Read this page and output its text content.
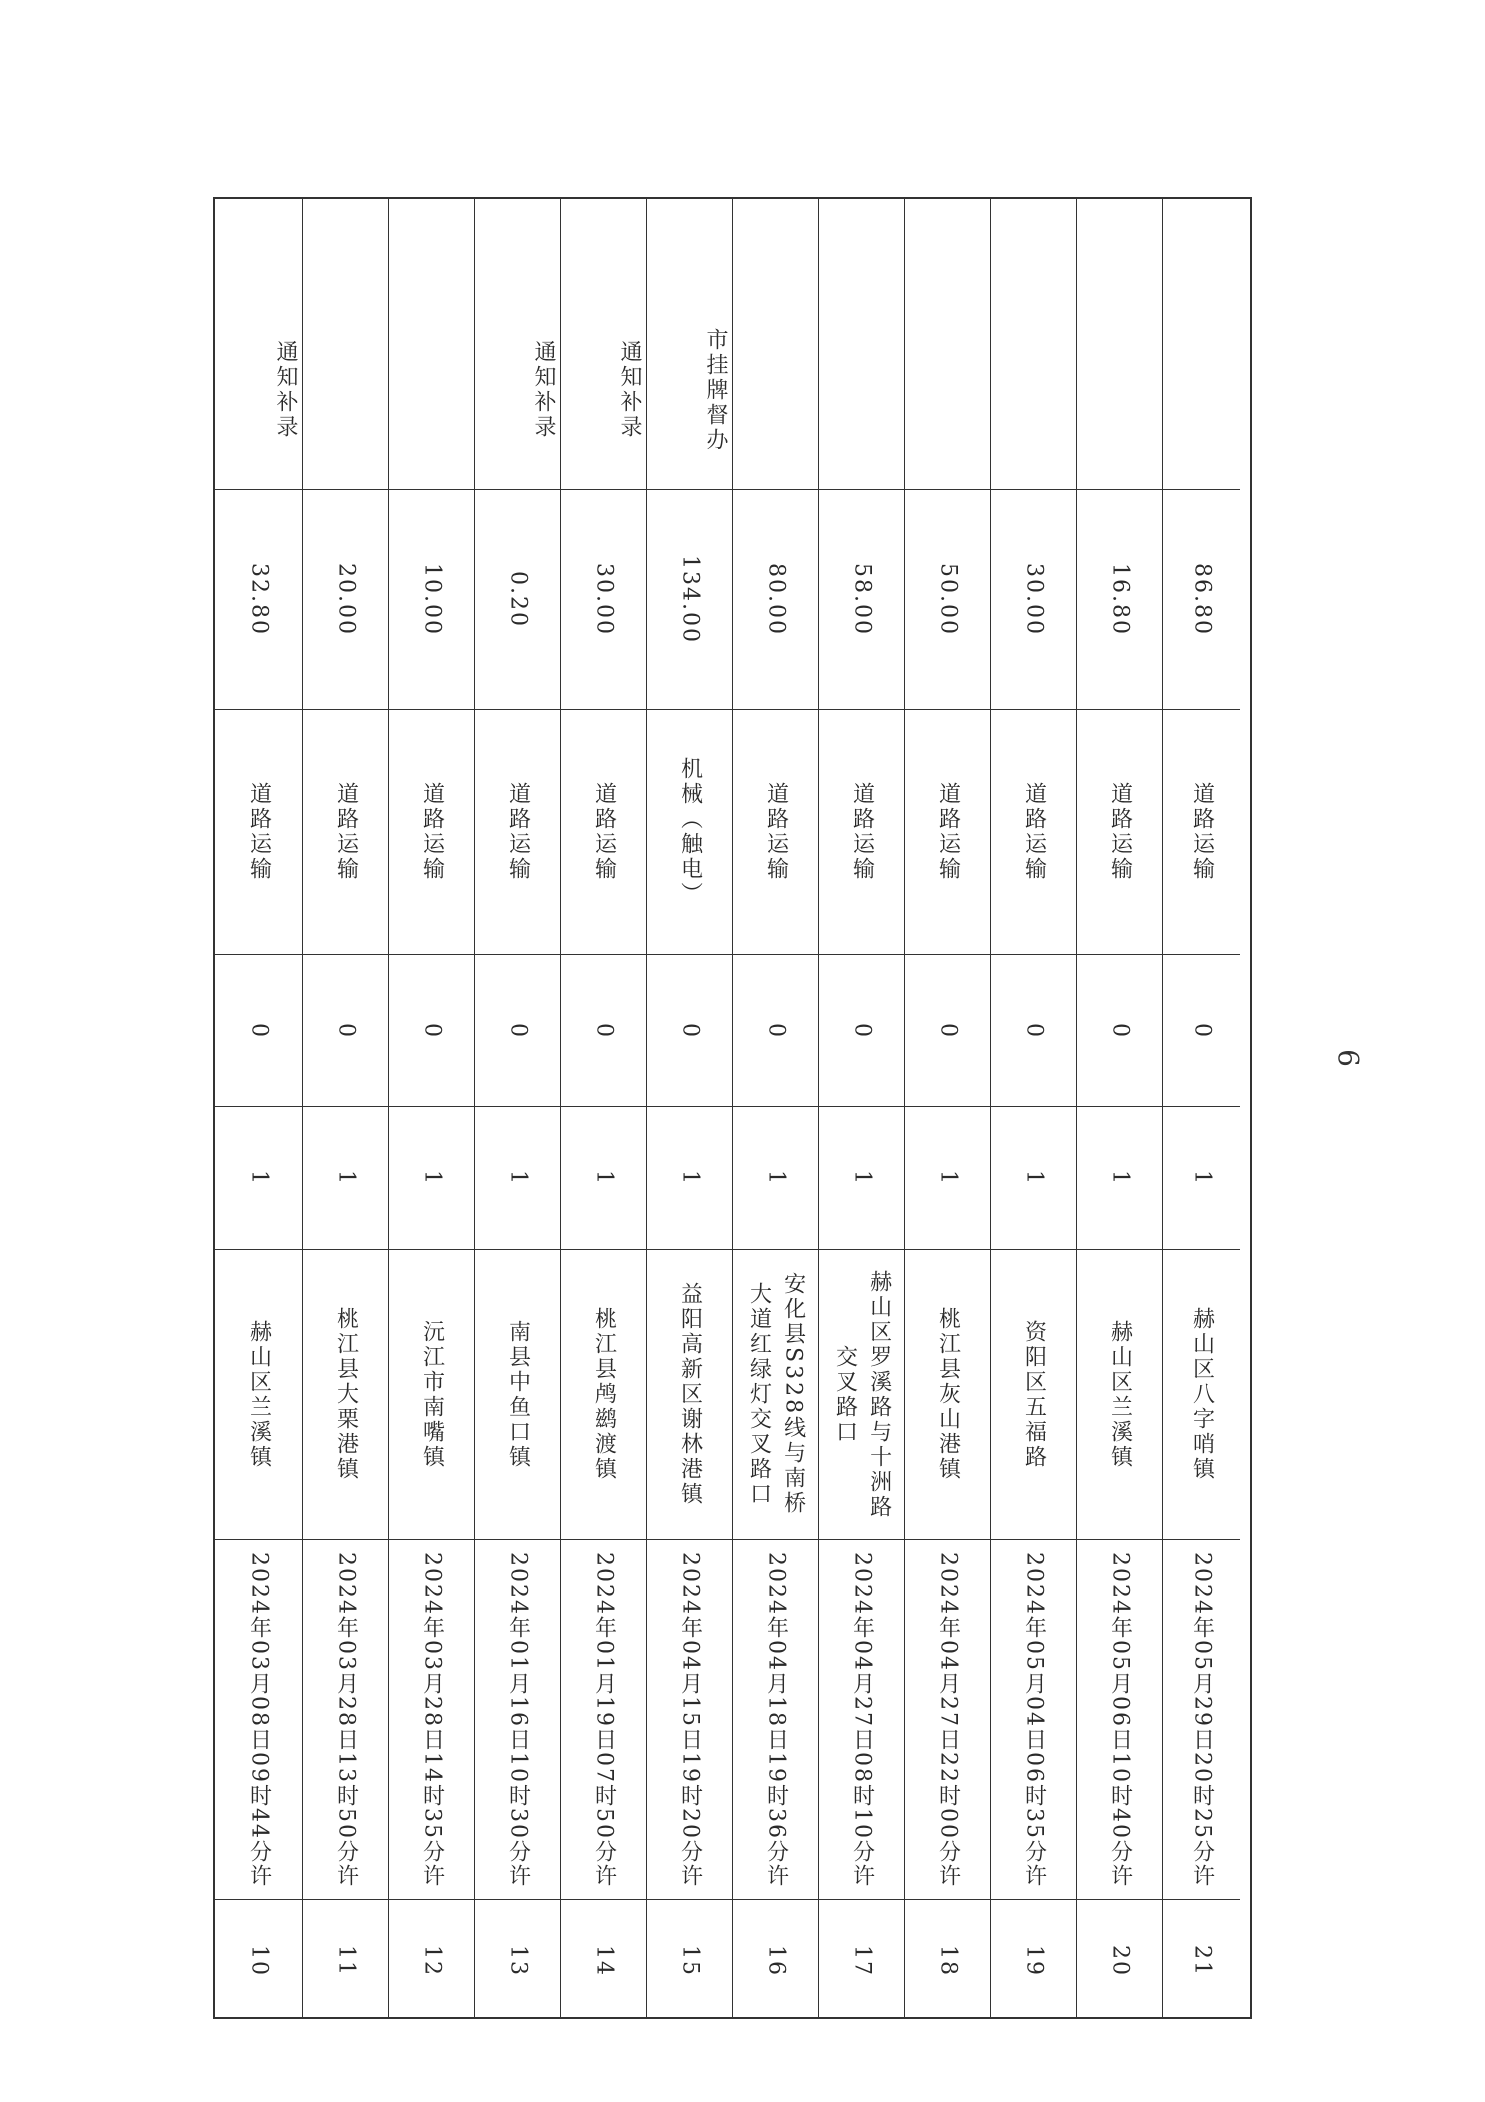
通知补录
32.80
道路运输
0
1
赫山区兰溪镇
2024年03月08日09时44分许
10
20.00
道路运输
0
1
桃江县大栗港镇
2024年03月28日13时50分许
11
10.00
道路运输
0
1
沅江市南嘴镇
2024年03月28日14时35分许
12
通知补录
0.20
道路运输
0
1
南县中鱼口镇
2024年01月16日10时30分许
13
通知补录
30.00
道路运输
0
1
桃江县鸬鹚渡镇
2024年01月19日07时50分许
14
市挂牌督办
134.00
机械（触电）
0
1
益阳高新区谢林港镇
2024年04月15日19时20分许
15
80.00
道路运输
0
1
安化县S328线与南桥
大道红绿灯交叉路口
2024年04月18日19时36分许
16
58.00
道路运输
0
1
赫山区罗溪路与十洲路
交叉路口
2024年04月27日08时10分许
17
50.00
道路运输
0
1
桃江县灰山港镇
2024年04月27日22时00分许
18
30.00
道路运输
0
1
资阳区五福路
2024年05月04日06时35分许
19
16.80
道路运输
0
1
赫山区兰溪镇
2024年05月06日10时40分许
20
86.80
道路运输
0
1
赫山区八字哨镇
2024年05月29日20时25分许
21
9
